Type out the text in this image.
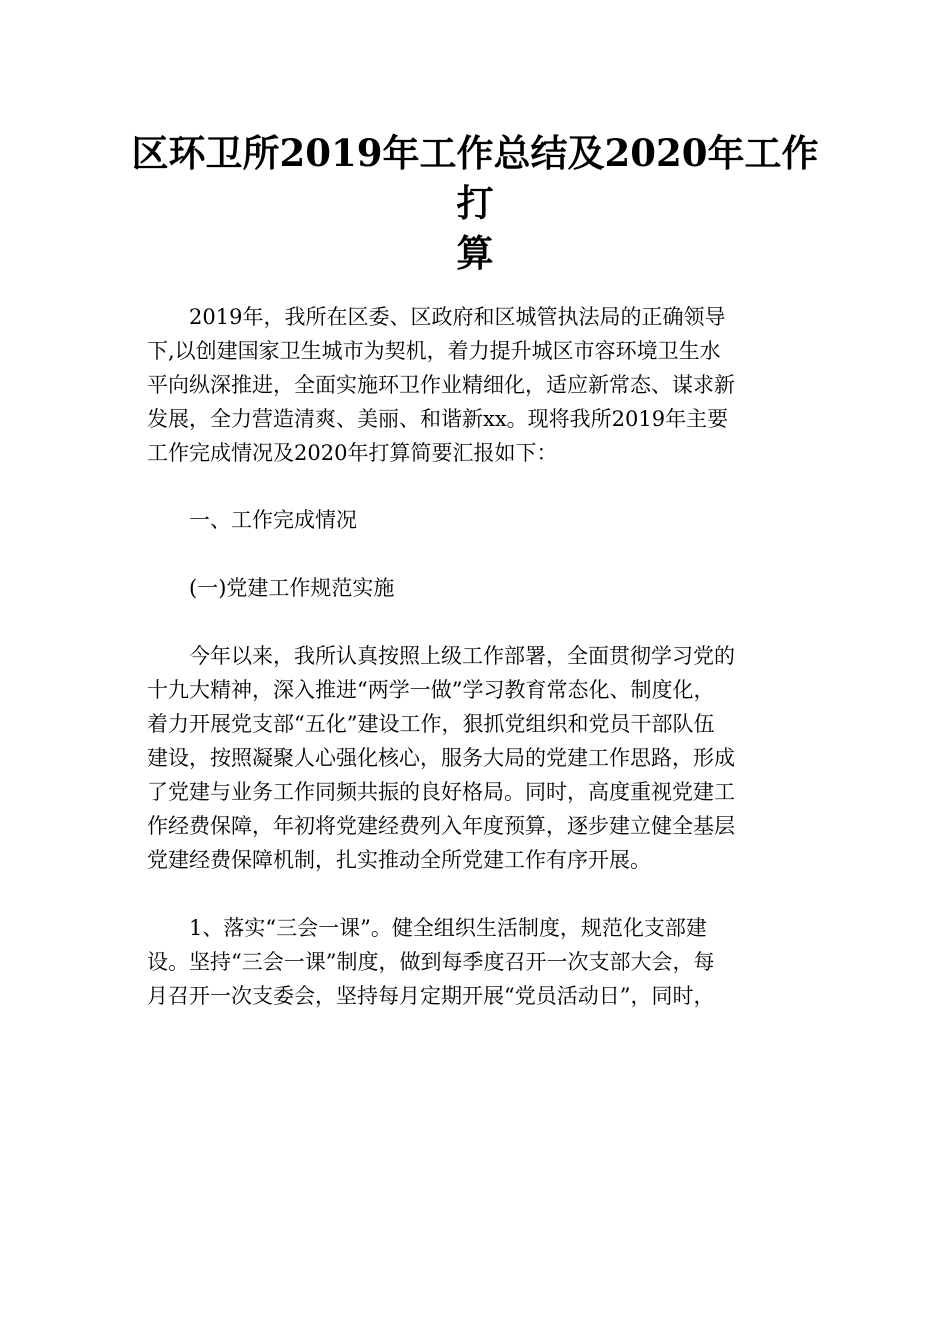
区环卫所2019年工作总结及2020年工作打
算

　　2019年，我所在区委、区政府和区城管执法局的正确领导

下,以创建国家卫生城市为契机，着力提升城区市容环境卫生水

平向纵深推进，全面实施环卫作业精细化，适应新常态、谋求新

发展，全力营造清爽、美丽、和谐新xx。现将我所2019年主要

工作完成情况及2020年打算简要汇报如下：

　　一、工作完成情况

　　(一)党建工作规范实施

　　今年以来，我所认真按照上级工作部署，全面贯彻学习党的

十九大精神，深入推进“两学一做”学习教育常态化、制度化，

着力开展党支部“五化”建设工作，狠抓党组织和党员干部队伍

建设，按照凝聚人心强化核心，服务大局的党建工作思路，形成

了党建与业务工作同频共振的良好格局。同时，高度重视党建工

作经费保障，年初将党建经费列入年度预算，逐步建立健全基层

党建经费保障机制，扎实推动全所党建工作有序开展。

　　1、落实“三会一课”。健全组织生活制度，规范化支部建

设。坚持“三会一课”制度，做到每季度召开一次支部大会，每

月召开一次支委会，坚持每月定期开展“党员活动日”，同时，
